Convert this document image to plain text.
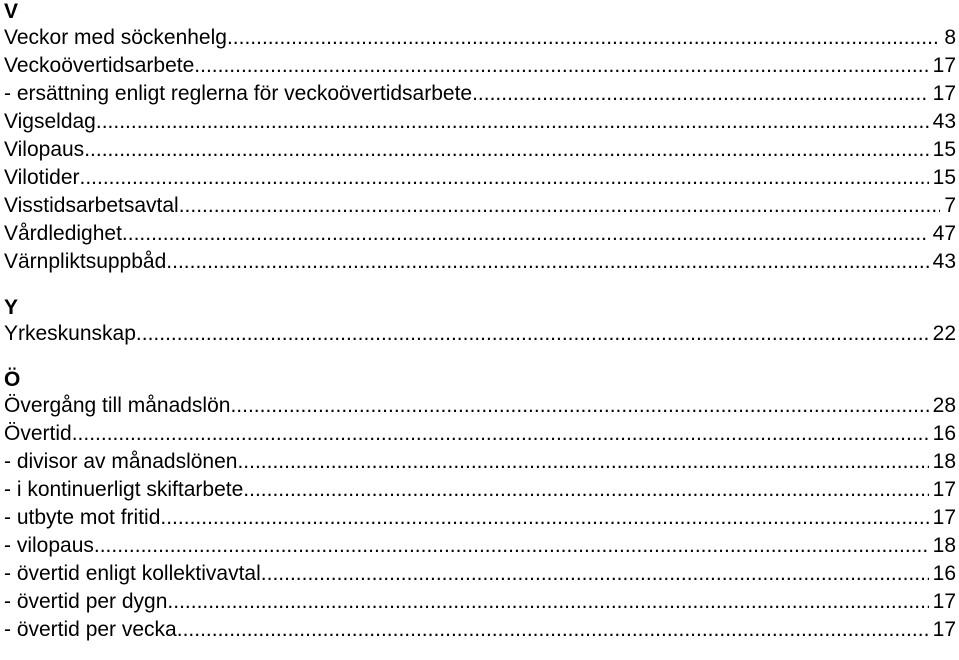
V
Veckor med söckenhelg .....	8
Veckoövertidsarbete .....	17
- ersättning enligt reglerna för veckoövertidsarbete .....	17
Vigseldag .....	43
Vilopaus .....	15
Vilotider .....	15
Visstidsarbetsavtal .....	7
Vårdledighet .....	47
Värnpliktsuppbåd .....	43
Y
Yrkeskunskap .....	22
Ö
Övergång till månadslön .....	28
Övertid .....	16
- divisor av månadslönen .....	18
- i kontinuerligt skiftarbete .....	17
- utbyte mot fritid .....	17
- vilopaus .....	18
- övertid enligt kollektivavtal .....	16
- övertid per dygn .....	17
- övertid per vecka .....	17
